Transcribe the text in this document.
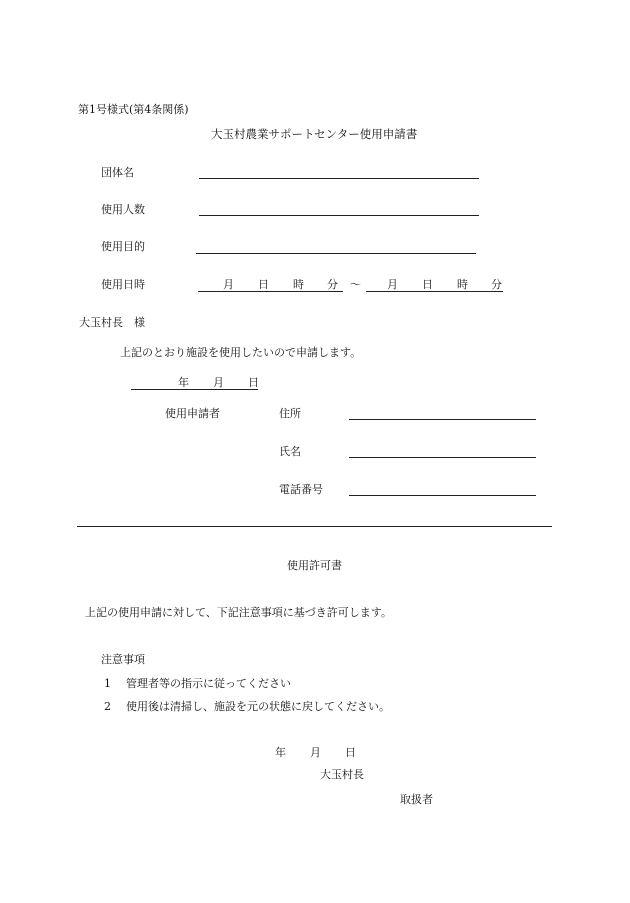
第1号様式(第4条関係)
大玉村農業サポートセンター使用申請書
団体名
使用人数
使用目的
使用日時	月 日 時 分 〜 月 日 時 分
大玉村長　様
上記のとおり施設を使用したいので申請します。
年 月 日
使用申請者	住所
氏名
電話番号
使用許可書
上記の使用申請に対して、下記注意事項に基づき許可します。
注意事項
1 管理者等の指示に従ってください
2 使用後は清掃し、施設を元の状態に戻してください。
年 月 日
大玉村長
取扱者
